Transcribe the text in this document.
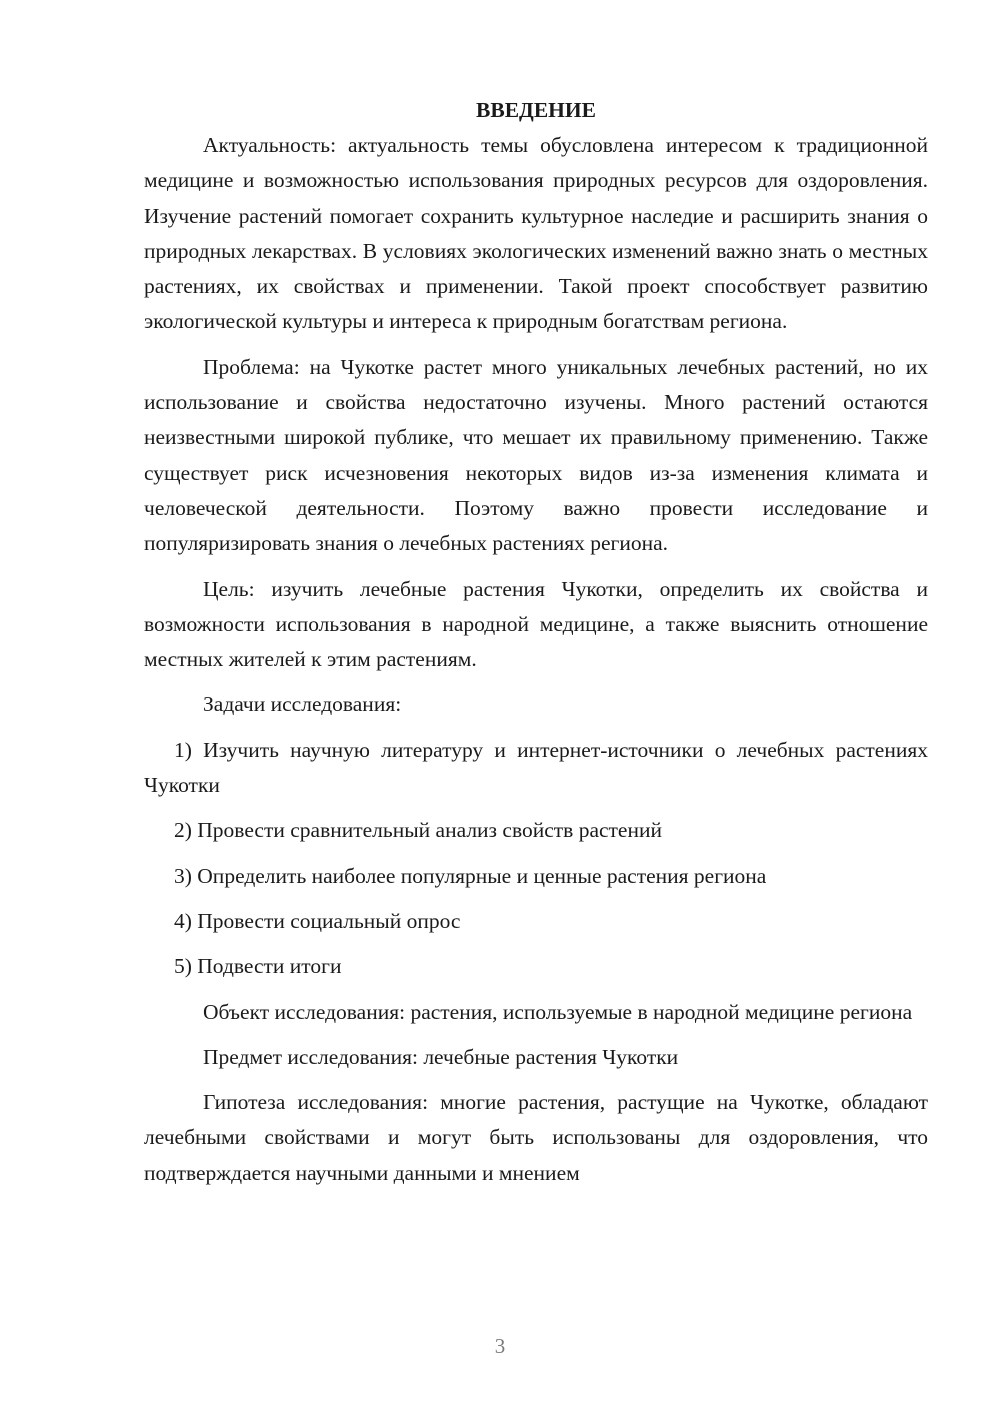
ВВЕДЕНИЕ

Актуальность: актуальность темы обусловлена интересом к традиционной медицине и возможностью использования природных ресурсов для оздоровления. Изучение растений помогает сохранить культурное наследие и расширить знания о природных лекарствах. В условиях экологических изменений важно знать о местных растениях, их свойствах и применении. Такой проект способствует развитию экологической культуры и интереса к природным богатствам региона.

Проблема: на Чукотке растет много уникальных лечебных растений, но их использование и свойства недостаточно изучены. Много растений остаются неизвестными широкой публике, что мешает их правильному применению. Также существует риск исчезновения некоторых видов из-за изменения климата и человеческой деятельности. Поэтому важно провести исследование и популяризировать знания о лечебных растениях региона.

Цель: изучить лечебные растения Чукотки, определить их свойства и возможности использования в народной медицине, а также выяснить отношение местных жителей к этим растениям.

Задачи исследования:

1) Изучить научную литературу и интернет-источники о лечебных растениях Чукотки

2) Провести сравнительный анализ свойств растений

3) Определить наиболее популярные и ценные растения региона

4) Провести социальный опрос

5) Подвести итоги

Объект исследования: растения, используемые в народной медицине региона

Предмет исследования: лечебные растения Чукотки

Гипотеза исследования: многие растения, растущие на Чукотке, обладают лечебными свойствами и могут быть использованы для оздоровления, что подтверждается научными данными и мнением

3
